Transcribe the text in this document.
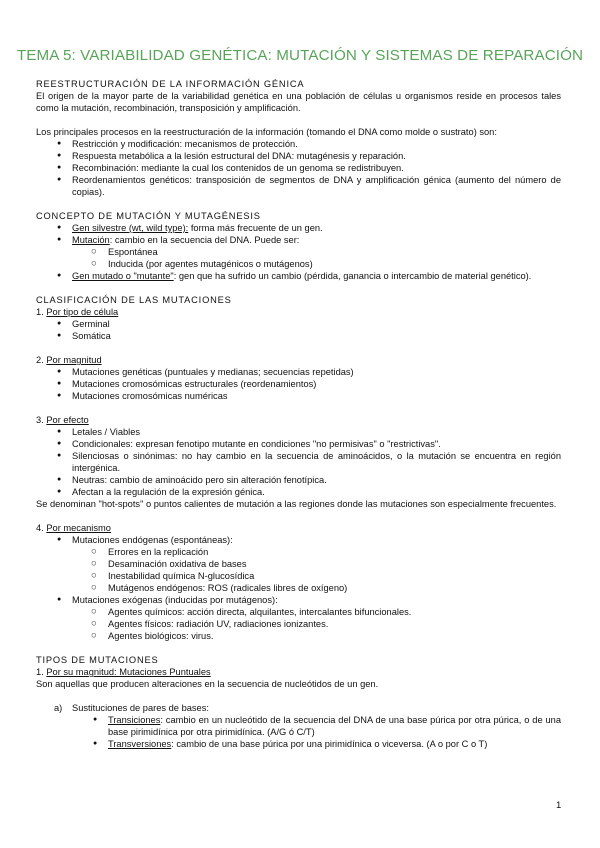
TEMA 5: VARIABILIDAD GENÉTICA: MUTACIÓN Y SISTEMAS DE REPARACIÓN
REESTRUCTURACIÓN DE LA INFORMACIÓN GÉNICA
El origen de la mayor parte de la variabilidad genética en una población de células u organismos reside en procesos tales como la mutación, recombinación, transposición y amplificación.
Los principales procesos en la reestructuración de la información (tomando el DNA como molde o sustrato) son:
● Restricción y modificación: mecanismos de protección.
● Respuesta metabólica a la lesión estructural del DNA: mutagénesis y reparación.
● Recombinación: mediante la cual los contenidos de un genoma se redistribuyen.
● Reordenamientos genéticos: transposición de segmentos de DNA y amplificación génica (aumento del número de copias).
CONCEPTO DE MUTACIÓN Y MUTAGÉNESIS
● Gen silvestre (wt, wild type): forma más frecuente de un gen.
● Mutación: cambio en la secuencia del DNA. Puede ser:
○ Espontánea
○ Inducida (por agentes mutagénicos o mutágenos)
● Gen mutado o "mutante": gen que ha sufrido un cambio (pérdida, ganancia o intercambio de material genético).
CLASIFICACIÓN DE LAS MUTACIONES
1. Por tipo de célula
● Germinal
● Somática
2. Por magnitud
● Mutaciones genéticas (puntuales y medianas; secuencias repetidas)
● Mutaciones cromosómicas estructurales (reordenamientos)
● Mutaciones cromosómicas numéricas
3. Por efecto
● Letales / Viables
● Condicionales: expresan fenotipo mutante en condiciones "no permisivas" o "restrictivas".
● Silenciosas o sinónimas: no hay cambio en la secuencia de aminoácidos, o la mutación se encuentra en región intergénica.
● Neutras: cambio de aminoácido pero sin alteración fenotípica.
● Afectan a la regulación de la expresión génica.
Se denominan "hot-spots" o puntos calientes de mutación a las regiones donde las mutaciones son especialmente frecuentes.
4. Por mecanismo
● Mutaciones endógenas (espontáneas):
○ Errores en la replicación
○ Desaminación oxidativa de bases
○ Inestabilidad química N-glucosídica
○ Mutágenos endógenos: ROS (radicales libres de oxígeno)
● Mutaciones exógenas (inducidas por mutágenos):
○ Agentes químicos: acción directa, alquilantes, intercalantes bifuncionales.
○ Agentes físicos: radiación UV, radiaciones ionizantes.
○ Agentes biológicos: virus.
TIPOS DE MUTACIONES
1. Por su magnitud: Mutaciones Puntuales
Son aquellas que producen alteraciones en la secuencia de nucleótidos de un gen.
a) Sustituciones de pares de bases:
● Transiciones: cambio en un nucleótido de la secuencia del DNA de una base púrica por otra púrica, o de una base pirimidínica por otra pirimidínica. (A/G ó C/T)
● Transversiones: cambio de una base púrica por una pirimidínica o viceversa. (A o por C o T)
1
